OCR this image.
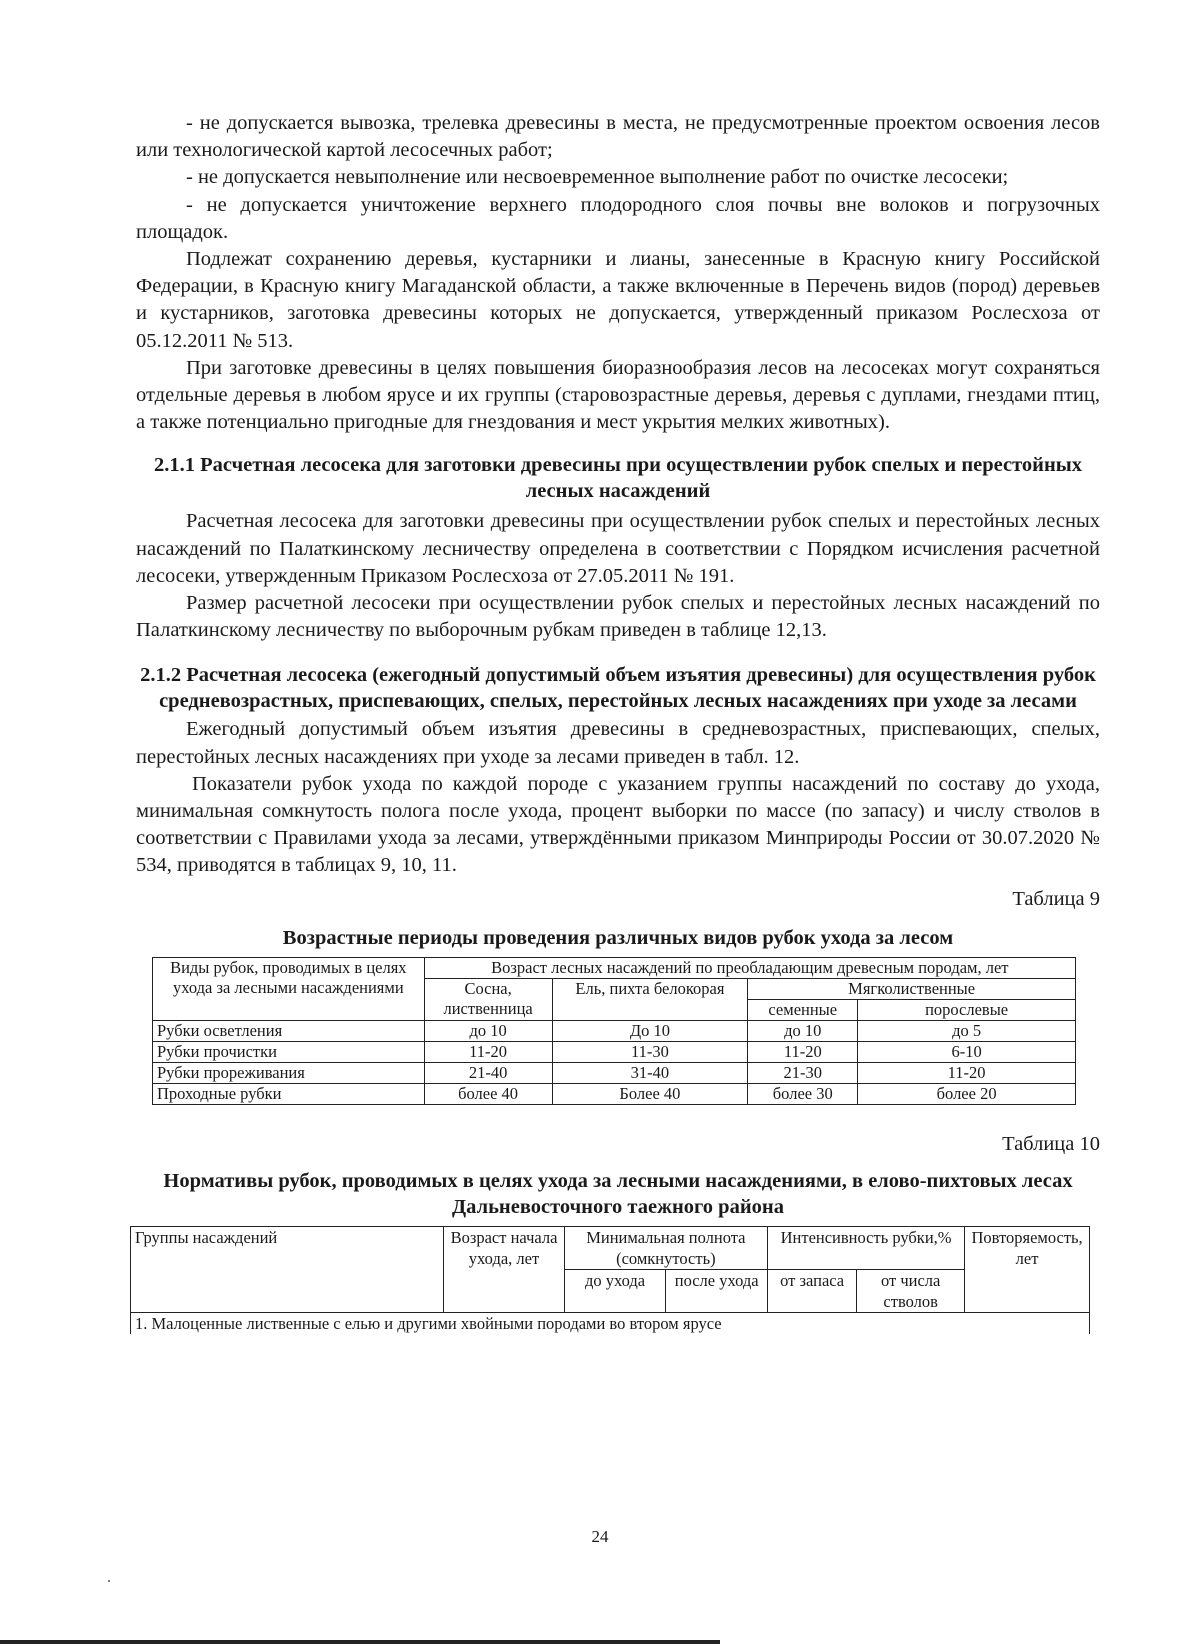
- не допускается вывозка, трелевка древесины в места, не предусмотренные проектом освоения лесов или технологической картой лесосечных работ;

- не допускается невыполнение или несвоевременное выполнение работ по очистке лесосеки;

- не допускается уничтожение верхнего плодородного слоя почвы вне волоков и погрузочных площадок.

Подлежат сохранению деревья, кустарники и лианы, занесенные в Красную книгу Российской Федерации, в Красную книгу Магаданской области, а также включенные в Перечень видов (пород) деревьев и кустарников, заготовка древесины которых не допускается, утвержденный приказом Рослесхоза от 05.12.2011 № 513.

При заготовке древесины в целях повышения биоразнообразия лесов на лесосеках могут сохраняться отдельные деревья в любом ярусе и их группы (старовозрастные деревья, деревья с дуплами, гнездами птиц, а также потенциально пригодные для гнездования и мест укрытия мелких животных).

2.1.1 Расчетная лесосека для заготовки древесины при осуществлении рубок спелых и перестойных лесных насаждений

Расчетная лесосека для заготовки древесины при осуществлении рубок спелых и перестойных лесных насаждений по Палаткинскому лесничеству определена в соответствии с Порядком исчисления расчетной лесосеки, утвержденным Приказом Рослесхоза от 27.05.2011 № 191.

Размер расчетной лесосеки при осуществлении рубок спелых и перестойных лесных насаждений по Палаткинскому лесничеству по выборочным рубкам приведен в таблице 12,13.

2.1.2 Расчетная лесосека (ежегодный допустимый объем изъятия древесины) для осуществления рубок средневозрастных, приспевающих, спелых, перестойных лесных насаждениях при уходе за лесами

Ежегодный допустимый объем изъятия древесины в средневозрастных, приспевающих, спелых, перестойных лесных насаждениях при уходе за лесами приведен в табл. 12.

Показатели рубок ухода по каждой породе с указанием группы насаждений по составу до ухода, минимальная сомкнутость полога после ухода, процент выборки по массе (по запасу) и числу стволов в соответствии с Правилами ухода за лесами, утверждёнными приказом Минприроды России от 30.07.2020 № 534, приводятся в таблицах 9, 10, 11.

Таблица 9

Возрастные периоды проведения различных видов рубок ухода за лесом

Виды рубок, проводимых в целях ухода за лесными насаждениями	Возраст лесных насаждений по преобладающим древесным породам, лет			
	Сосна, лиственница	Ель, пихта белокорая	Мягколиственные	
			семенные	порослевые
Рубки осветления	до 10	До 10	до 10	до 5
Рубки прочистки	11-20	11-30	11-20	6-10
Рубки прореживания	21-40	31-40	21-30	11-20
Проходные рубки	более 40	Более 40	более 30	более 20

Таблица 10

Нормативы рубок, проводимых в целях ухода за лесными насаждениями, в елово-пихтовых лесах Дальневосточного таежного района

Группы насаждений	Возраст начала ухода, лет	Минимальная полнота (сомкнутость)		Интенсивность рубки,%		Повторяемость, лет
		до ухода	после ухода	от запаса	от числа стволов	
1. Малоценные лиственные с елью и другими хвойными породами во втором ярусе						
24
